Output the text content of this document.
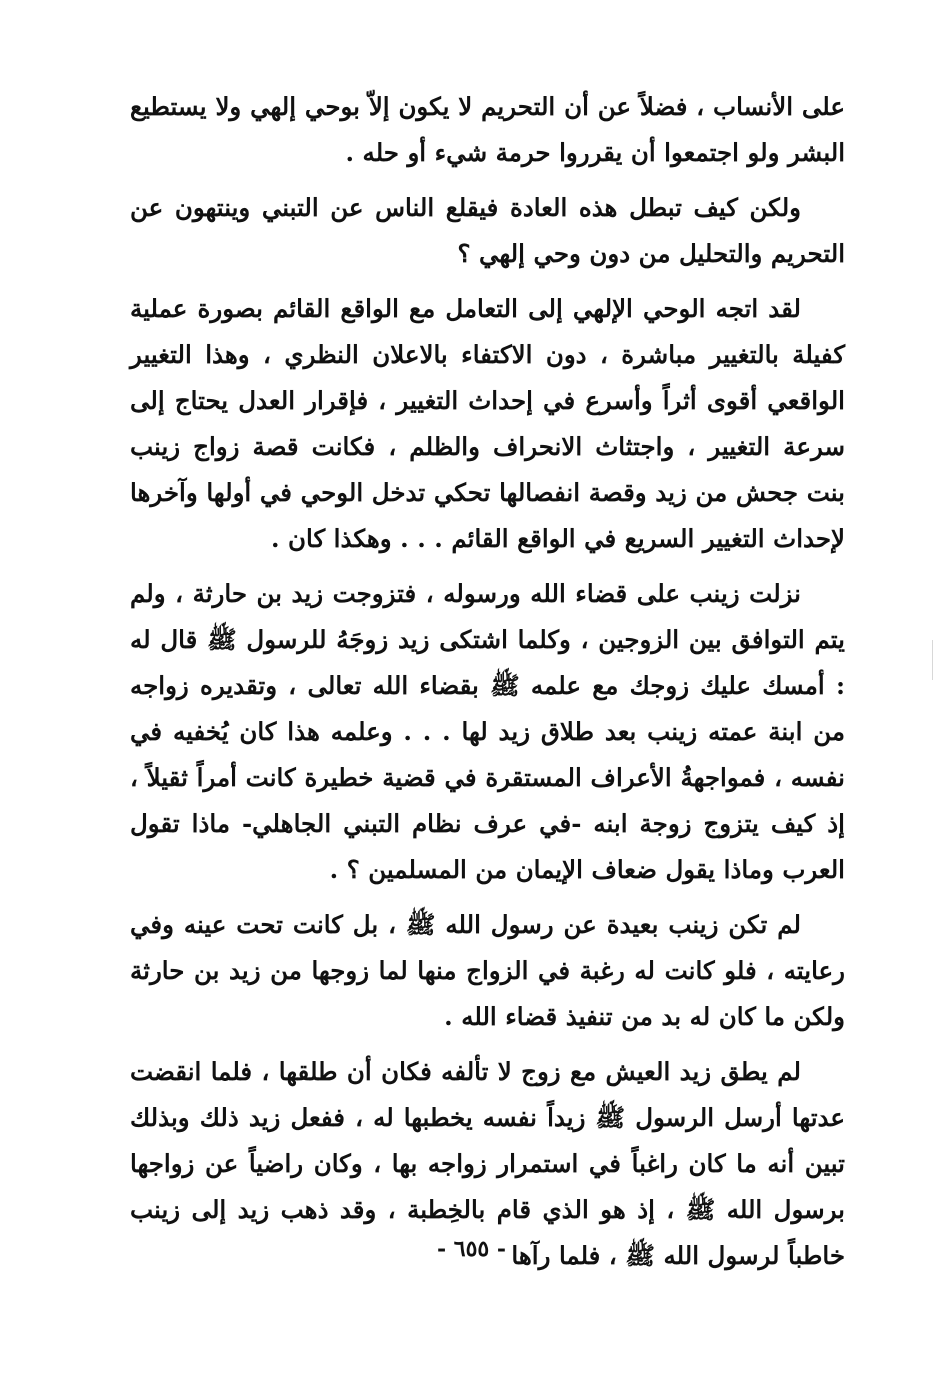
على الأنساب ، فضلاً عن أن التحريم لا يكون إلاّ بوحي إلهي ولا يستطيع البشر ولو اجتمعوا أن يقرروا حرمة شيء أو حله .

ولكن كيف تبطل هذه العادة فيقلع الناس عن التبني وينتهون عن التحريم والتحليل من دون وحي إلهي ؟

لقد اتجه الوحي الإلهي إلى التعامل مع الواقع القائم بصورة عملية كفيلة بالتغيير مباشرة ، دون الاكتفاء بالاعلان النظري ، وهذا التغيير الواقعي أقوى أثراً وأسرع في إحداث التغيير ، فإقرار العدل يحتاج إلى سرعة التغيير ، واجتثاث الانحراف والظلم ، فكانت قصة زواج زينب بنت جحش من زيد وقصة انفصالها تحكي تدخل الوحي في أولها وآخرها لإحداث التغيير السريع في الواقع القائم . . . وهكذا كان .

نزلت زينب على قضاء الله ورسوله ، فتزوجت زيد بن حارثة ، ولم يتم التوافق بين الزوجين ، وكلما اشتكى زيد زوجَهُ للرسول ﷺ قال له : أمسك عليك زوجك مع علمه ﷺ بقضاء الله تعالى ، وتقديره زواجه من ابنة عمته زينب بعد طلاق زيد لها . . . وعلمه هذا كان يُخفيه في نفسه ، فمواجهةُ الأعراف المستقرة في قضية خطيرة كانت أمراً ثقيلاً ، إذ كيف يتزوج زوجة ابنه -في عرف نظام التبني الجاهلي- ماذا تقول العرب وماذا يقول ضعاف الإيمان من المسلمين ؟ .

لم تكن زينب بعيدة عن رسول الله ﷺ ، بل كانت تحت عينه وفي رعايته ، فلو كانت له رغبة في الزواج منها لما زوجها من زيد بن حارثة ولكن ما كان له بد من تنفيذ قضاء الله .

لم يطق زيد العيش مع زوج لا تألفه فكان أن طلقها ، فلما انقضت عدتها أرسل الرسول ﷺ زيداً نفسه يخطبها له ، ففعل زيد ذلك وبذلك تبين أنه ما كان راغباً في استمرار زواجه بها ، وكان راضياً عن زواجها برسول الله ﷺ ، إذ هو الذي قام بالخِطبة ، وقد ذهب زيد إلى زينب خاطباً لرسول الله ﷺ ، فلما رآها

- ٦٥٥ -
